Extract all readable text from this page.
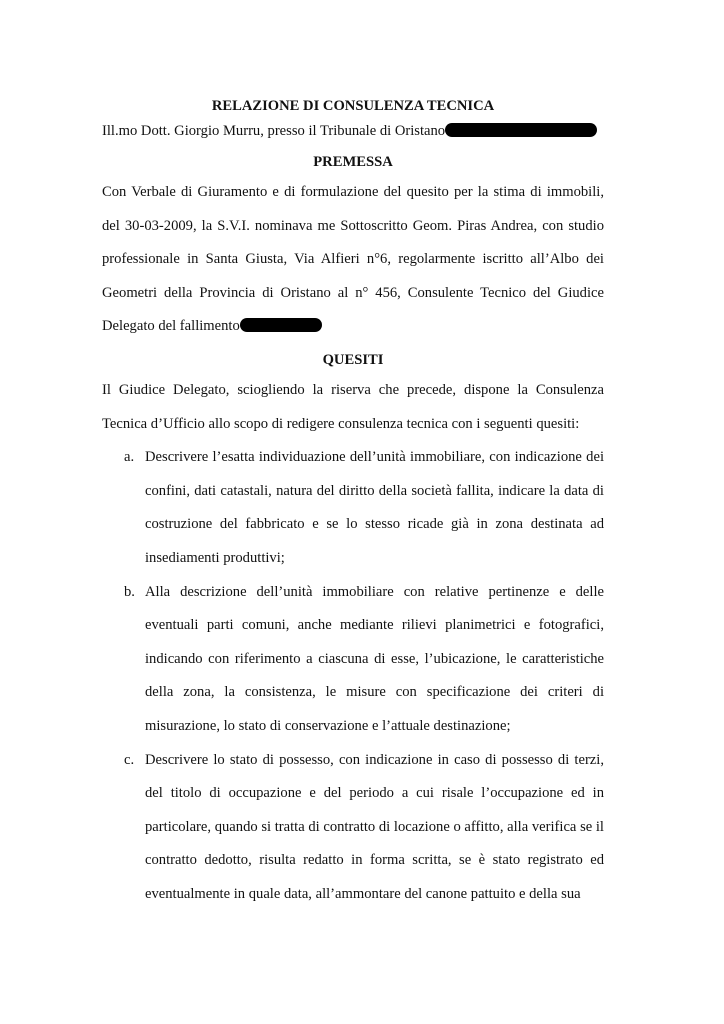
RELAZIONE DI CONSULENZA TECNICA
Ill.mo Dott. Giorgio Murru, presso il Tribunale di Oristano
PREMESSA

Con Verbale di Giuramento e di formulazione del quesito per la stima di immobili, del 30-03-2009, la S.V.I. nominava me Sottoscritto Geom. Piras Andrea, con studio professionale in Santa Giusta, Via Alfieri n°6, regolarmente iscritto all’Albo dei Geometri della Provincia di Oristano al n° 456, Consulente Tecnico del Giudice Delegato del fallimento

QUESITI

Il Giudice Delegato, sciogliendo la riserva che precede, dispone la Consulenza Tecnica d’Ufficio allo scopo di redigere consulenza tecnica con i seguenti quesiti:

a. Descrivere l’esatta individuazione dell’unità immobiliare, con indicazione dei confini, dati catastali, natura del diritto della società fallita, indicare la data di costruzione del fabbricato e se lo stesso ricade già in zona destinata ad insediamenti produttivi;
b. Alla descrizione dell’unità immobiliare con relative pertinenze e delle eventuali parti comuni, anche mediante rilievi planimetrici e fotografici, indicando con riferimento a ciascuna di esse, l’ubicazione, le caratteristiche della zona, la consistenza, le misure con specificazione dei criteri di misurazione, lo stato di conservazione e l’attuale destinazione;
c. Descrivere lo stato di possesso, con indicazione in caso di possesso di terzi, del titolo di occupazione e del periodo a cui risale l’occupazione ed in particolare, quando si tratta di contratto di locazione o affitto, alla verifica se il contratto dedotto, risulta redatto in forma scritta, se è stato registrato ed eventualmente in quale data, all’ammontare del canone pattuito e della sua
